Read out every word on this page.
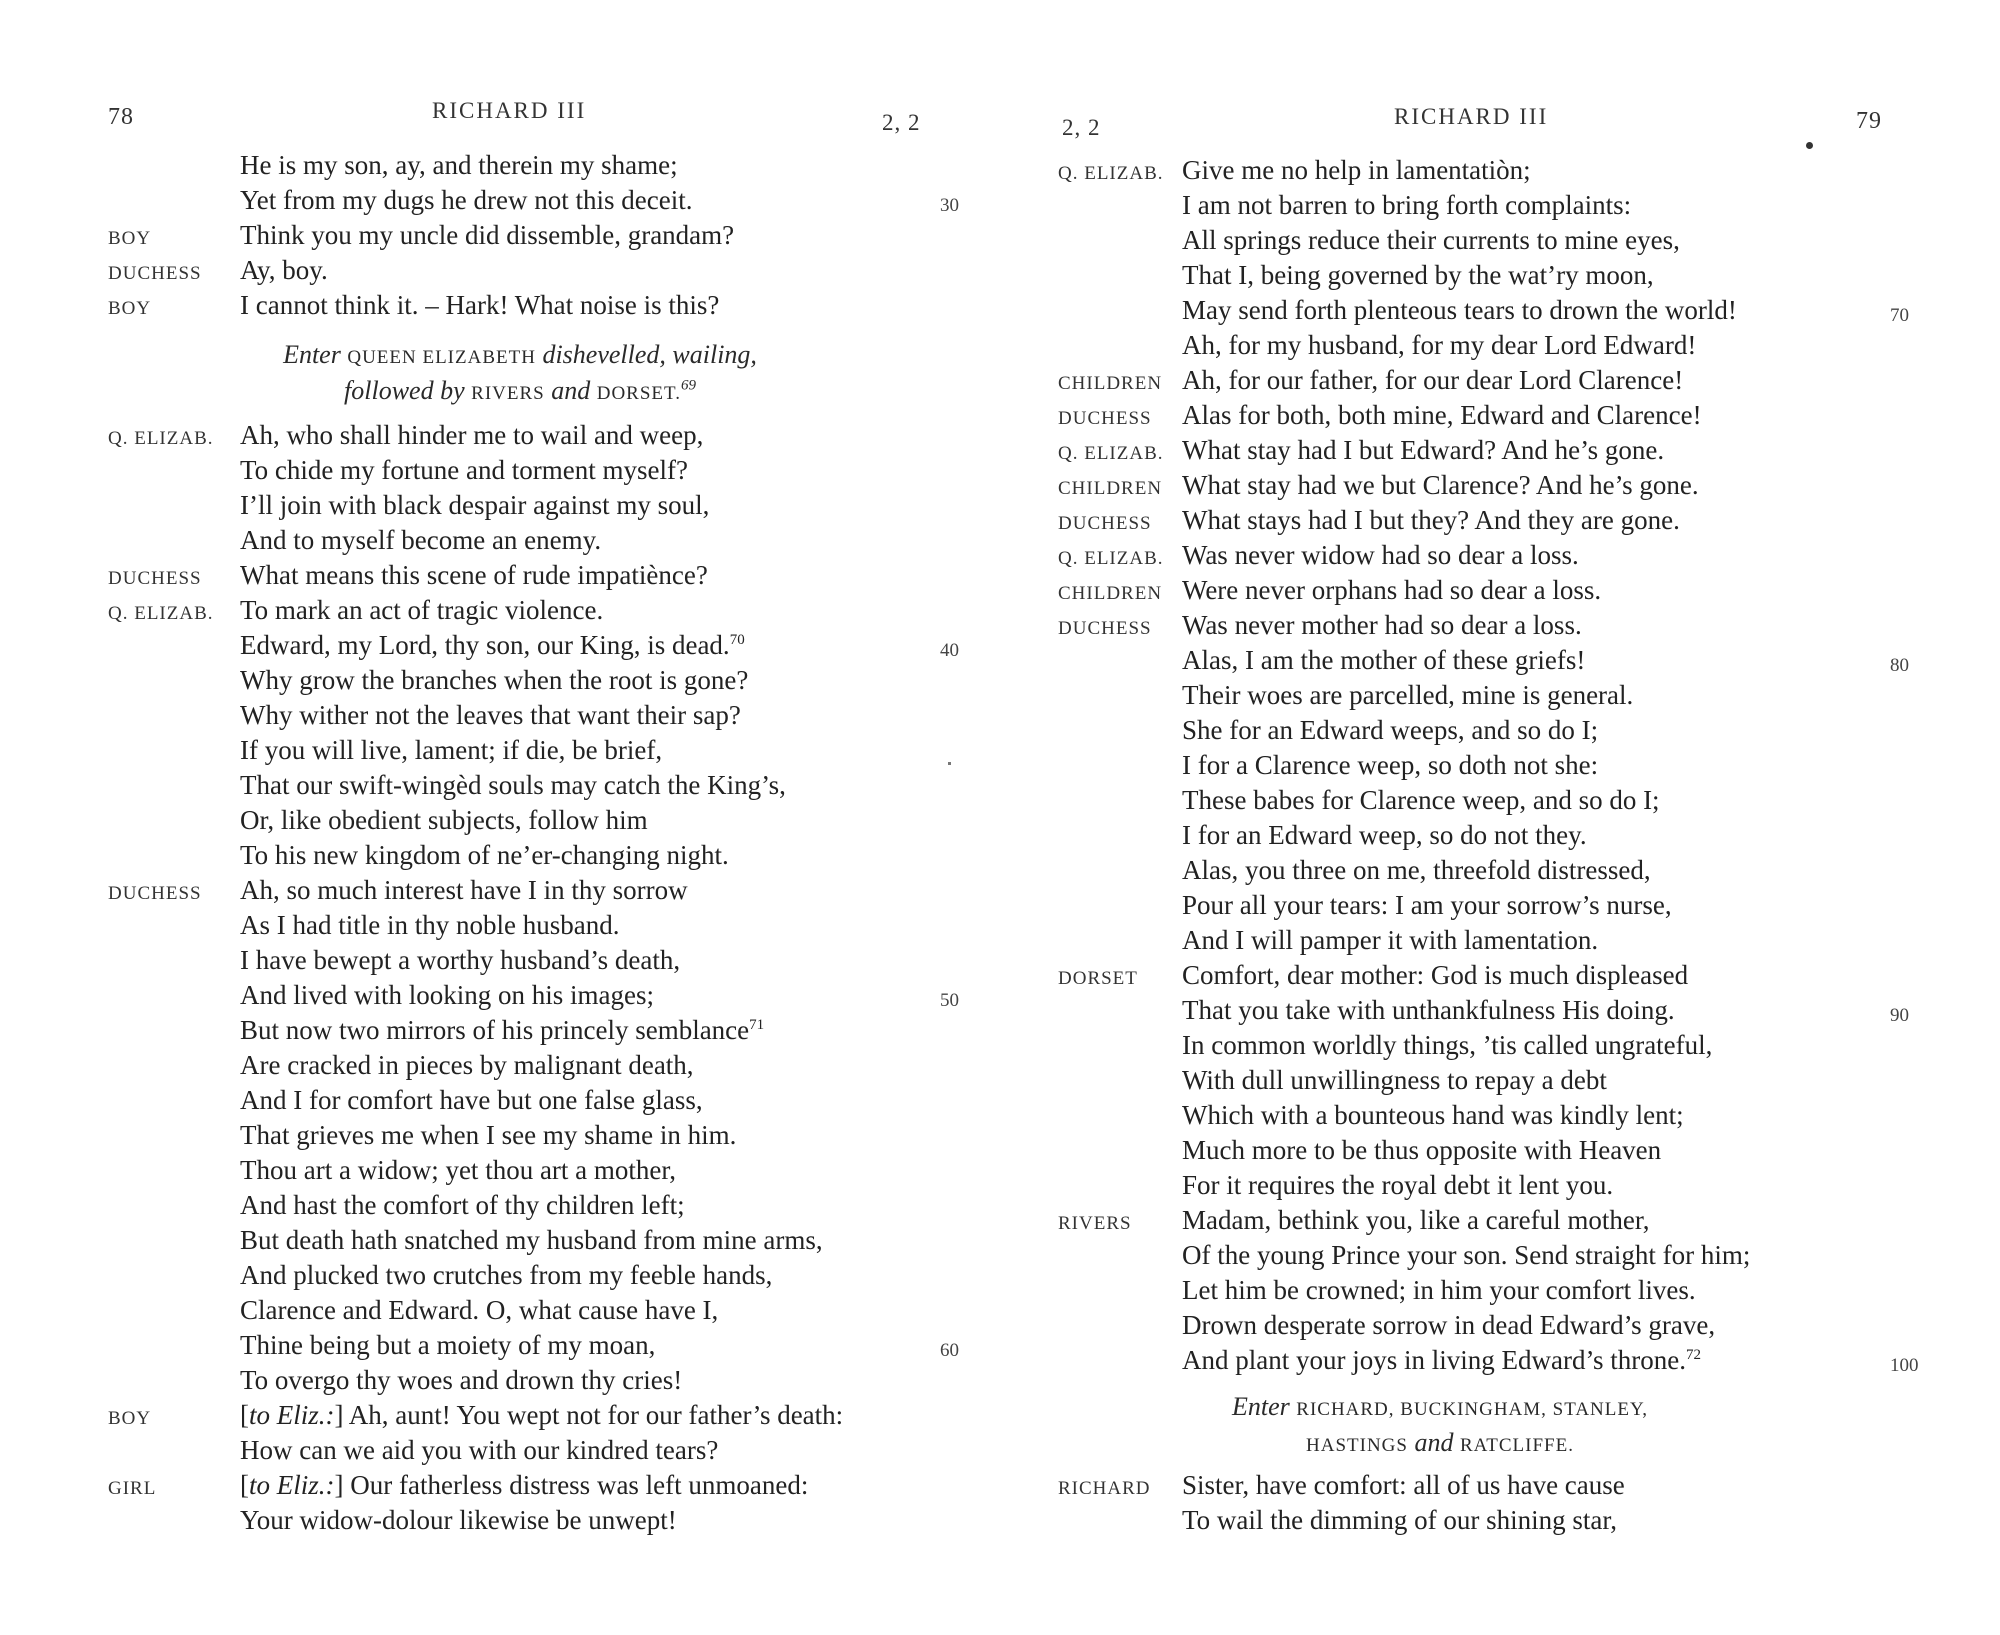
78	RICHARD III	2, 2
He is my son, ay, and therein my shame;
Yet from my dugs he drew not this deceit.	30
BOY	Think you my uncle did dissemble, grandam?
DUCHESS Ay, boy.
BOY	I cannot think it. – Hark! What noise is this?
Q. ELIZAB. Ah, who shall hinder me to wail and weep,
To chide my fortune and torment myself?
I’ll join with black despair against my soul,
And to myself become an enemy.
DUCHESS What means this scene of rude impatiènce?
Q. ELIZAB. To mark an act of tragic violence.
Edward, my Lord, thy son, our King, is dead.$^{70}$	40
Why grow the branches when the root is gone?
Why wither not the leaves that want their sap?
If you will live, lament; if die, be brief,
That our swift-wingèd souls may catch the King’s,
Or, like obedient subjects, follow him
To his new kingdom of ne’er-changing night.
DUCHESS Ah, so much interest have I in thy sorrow
As I had title in thy noble husband.
I have bewept a worthy husband’s death,
And lived with looking on his images;	50
But now two mirrors of his princely semblance$^{71}$
Are cracked in pieces by malignant death,
And I for comfort have but one false glass,
That grieves me when I see my shame in him.
Thou art a widow; yet thou art a mother,
And hast the comfort of thy children left;
But death hath snatched my husband from mine arms,
And plucked two crutches from my feeble hands,
Clarence and Edward. O, what cause have I,
Thine being but a moiety of my moan,	60
To overgo thy woes and drown thy cries!
BOY	[to Eliz.:] Ah, aunt! You wept not for our father’s death:
How can we aid you with our kindred tears?
GIRL	[to Eliz.:] Our fatherless distress was left unmoaned:
Your widow-dolour likewise be unwept!
Enter QUEEN ELIZABETH dishevelled, wailing,
followed by RIVERS and DORSET.$^{69}$
2, 2	RICHARD III	79
Q. ELIZAB. Give me no help in lamentatiòn;
I am not barren to bring forth complaints:
All springs reduce their currents to mine eyes,
That I, being governed by the wat’ry moon,
May send forth plenteous tears to drown the world!	70
Ah, for my husband, for my dear Lord Edward!
CHILDREN Ah, for our father, for our dear Lord Clarence!
DUCHESS Alas for both, both mine, Edward and Clarence!
Q. ELIZAB. What stay had I but Edward? And he’s gone.
CHILDREN What stay had we but Clarence? And he’s gone.
DUCHESS What stays had I but they? And they are gone.
Q. ELIZAB. Was never widow had so dear a loss.
CHILDREN Were never orphans had so dear a loss.
DUCHESS Was never mother had so dear a loss.
Alas, I am the mother of these griefs!	80
Their woes are parcelled, mine is general.
She for an Edward weeps, and so do I;
I for a Clarence weep, so doth not she:
These babes for Clarence weep, and so do I;
I for an Edward weep, so do not they.
Alas, you three on me, threefold distressed,
Pour all your tears: I am your sorrow’s nurse,
And I will pamper it with lamentation.
DORSET Comfort, dear mother: God is much displeased
That you take with unthankfulness His doing.	90
In common worldly things, ’tis called ungrateful,
With dull unwillingness to repay a debt
Which with a bounteous hand was kindly lent;
Much more to be thus opposite with Heaven
For it requires the royal debt it lent you.
RIVERS Madam, bethink you, like a careful mother,
Of the young Prince your son. Send straight for him;
Let him be crowned; in him your comfort lives.
Drown desperate sorrow in dead Edward’s grave,
And plant your joys in living Edward’s throne.$^{72}$	100
RICHARD Sister, have comfort: all of us have cause
To wail the dimming of our shining star,
Enter RICHARD, BUCKINGHAM, STANLEY,
HASTINGS and RATCLIFFE.
